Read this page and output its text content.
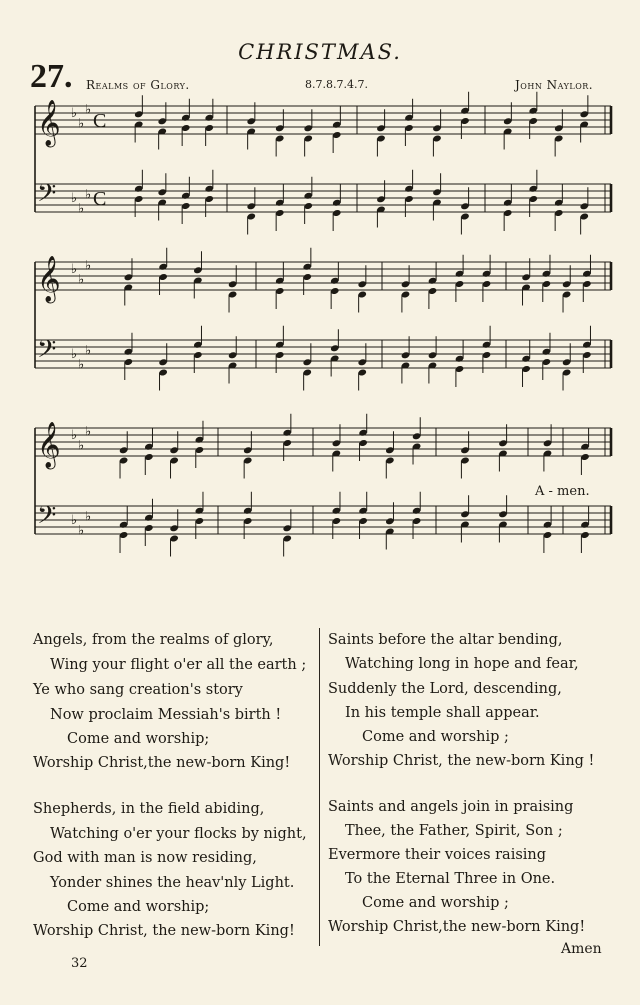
CHRISTMAS.
27. Realms of Glory.	8.7.8.7.4.7.	John Naylor.
𝄞 ♭
♭
♭ C
𝄢 ♭
♭
♭ C
𝄞 ♭
♭
♭
𝄢 ♭
♭
♭
𝄞 ♭
♭
♭
𝄢 ♭
♭
♭
A - men.
Angels, from the realms of glory,
Wing your flight o'er all the earth ;
Ye who sang creation's story
Now proclaim Messiah's birth !
Come and worship;
Worship Christ,the new-born King!
Shepherds, in the field abiding,
Watching o'er your flocks by night,
God with man is now residing,
Yonder shines the heav'nly Light.
Come and worship;
Worship Christ, the new-born King!
Saints before the altar bending,
Watching long in hope and fear,
Suddenly the Lord, descending,
In his temple shall appear.
Come and worship ;
Worship Christ, the new-born King !
Saints and angels join in praising
Thee, the Father, Spirit, Son ;
Evermore their voices raising
To the Eternal Three in One.
Come and worship ;
Worship Christ,the new-born King!
Amen
32
